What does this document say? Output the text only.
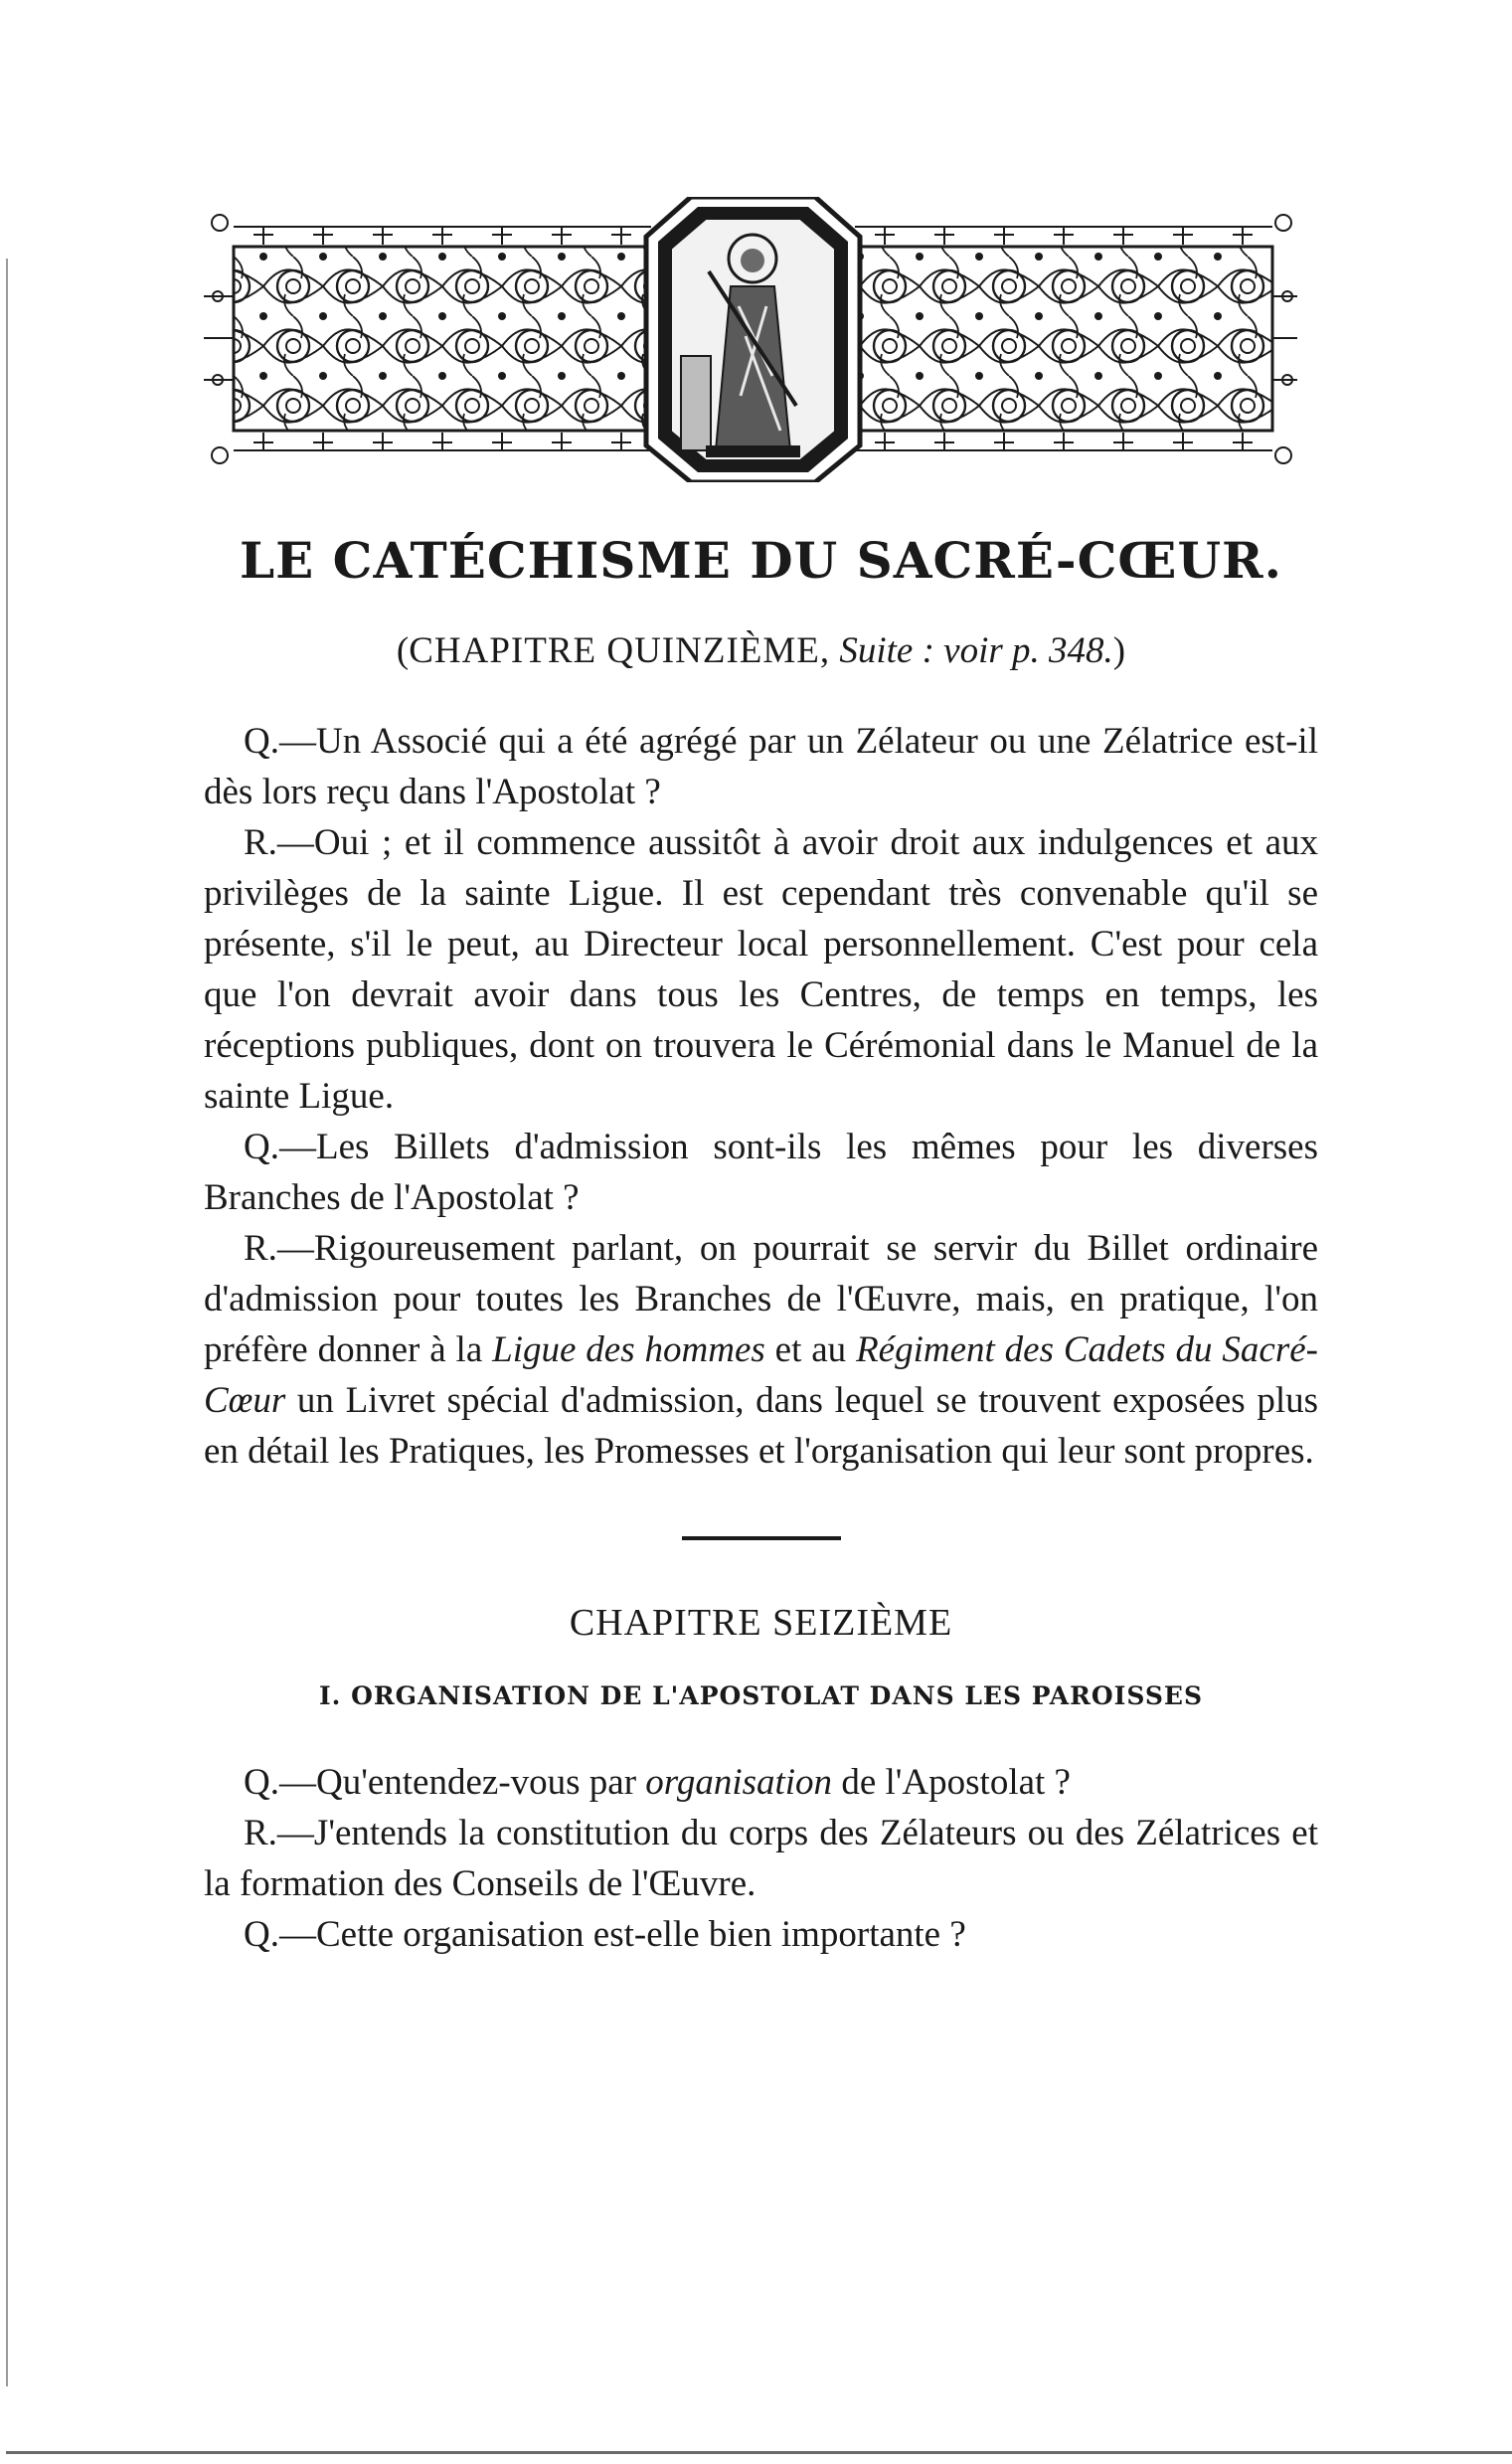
LE CATÉCHISME DU SACRÉ-CŒUR.
(CHAPITRE QUINZIÈME, Suite : voir p. 348.)

Q.—Un Associé qui a été agrégé par un Zélateur ou une Zélatrice est-il dès lors reçu dans l'Apostolat ?

R.—Oui ; et il commence aussitôt à avoir droit aux indulgences et aux privilèges de la sainte Ligue. Il est cependant très convenable qu'il se présente, s'il le peut, au Directeur local personnellement. C'est pour cela que l'on devrait avoir dans tous les Centres, de temps en temps, les réceptions publiques, dont on trouvera le Cérémonial dans le Manuel de la sainte Ligue.

Q.—Les Billets d'admission sont-ils les mêmes pour les diverses Branches de l'Apostolat ?

R.—Rigoureusement parlant, on pourrait se servir du Billet ordinaire d'admission pour toutes les Branches de l'Œuvre, mais, en pratique, l'on préfère donner à la Ligue des hommes et au Régiment des Cadets du Sacré-Cœur un Livret spécial d'admission, dans lequel se trouvent exposées plus en détail les Pratiques, les Promesses et l'organisation qui leur sont propres.

CHAPITRE SEIZIÈME
I. ORGANISATION DE L'APOSTOLAT DANS LES PAROISSES

Q.—Qu'entendez-vous par organisation de l'Apostolat ?

R.—J'entends la constitution du corps des Zélateurs ou des Zélatrices et la formation des Conseils de l'Œuvre.

Q.—Cette organisation est-elle bien importante ?
